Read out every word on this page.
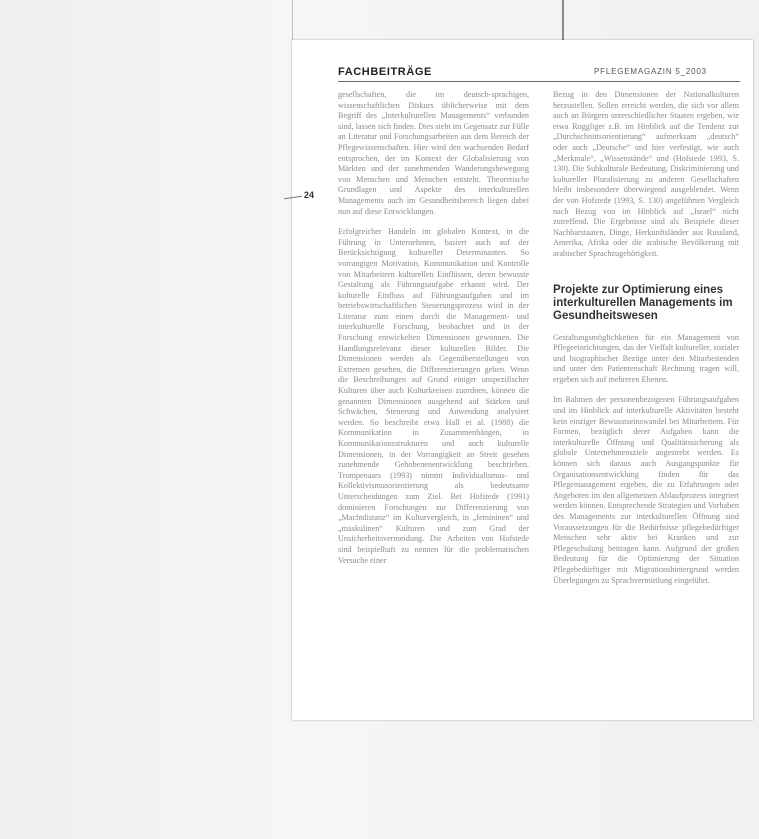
FACHBEITRÄGE	PFLEGEMAGAZIN 5_2003
24

gesellschaften, die im deutsch-sprachigen, wissenschaftlichen Diskurs üblicherweise mit dem Begriff des „Interkulturellen Managements“ verbunden sind, lassen sich finden. Dies steht im Gegensatz zur Fülle an Literatur und Forschungsarbeiten aus dem Bereich der Pflegewissenschaften. Hier wird den wachsenden Bedarf entsprochen, der im Kontext der Globalisierung von Märkten und der zunehmenden Wanderungsbewegung von Menschen und Menschen entsteht. Theoretische Grundlagen und Aspekte des interkulturellen Managements auch im Gesundheitsbereich liegen dabei nun auf diese Entwicklungen.

Erfolgreicher Handeln im globalen Kontext, in die Führung in Unternehmen, basiert auch auf der Berücksichtigung kultureller Determinanten. So vorrangigen Motivation, Kommunikation und Kontrolle von Mitarbeitern kulturellen Einflüssen, deren bewusste Gestaltung als Führungsaufgabe erkannt wird. Der kulturelle Einfluss auf Führungsaufgaben und im betriebswirtschaftlichen Steuerungsprozess wird in der Literatur zum einen durch die Management- und interkulturelle Forschung, beobachtet und in der Forschung entwickelten Dimensionen gewonnen. Die Handlungsrelevanz dieser kulturellen Bilder. Die Dimensionen werden als Gegenüberstellungen von Extremen gesehen, die Differenzierungen geben. Wenn die Beschreibungen auf Grund einiger unspezifischer Kulturen über auch Kulturkreisen zuordnen, können die genannten Dimensionen ausgehend auf Stärken und Schwächen, Steuerung und Anwendung analysiert werden. So beschreibt etwa Hall et al. (1988) die Kommunikation in Zusammenhängen, in Kommunikationsstrukturen und auch kulturelle Dimensionen, in der Vorrangigkeit an Streit gesehen zunehmende Gehobenenentwicklung beschrieben. Trompenaars (1993) nimmt Individualismus- und Kollektivismusorientierung als bedeutsame Unterscheidungen zum Ziel. Bei Hofstede (1991) dominieren Forschungen zur Differenzierung von „Machtdistanz“ im Kulturvergleich, in „femininen“ und „maskulinen“ Kulturen und zum Grad der Unsicherheitsvermeidung. Die Arbeiten von Hofstede sind beispielhaft zu nennen für die problematischen Versuche einer

Bezug in den Dimensionen der Nationalkulturen herzustellen. Sollen erreicht werden, die sich vor allem auch an Bürgern unterschiedlicher Staaten ergeben, wie etwa Roggliger z.B. im Hinblick auf die Tendenz zur „Durchschnittsorientierung“ aufmerksam „deutsch“ oder auch „Deutsche“ und hier verfestigt, wie auch „Merkmale“, „Wissenstände“ und (Hofstede 1993, S. 130). Die Subkulturale Bedeutung, Diskriminierung und kultureller Pluralisierung zu anderen Gesellschaften bleibt insbesondere überwiegend ausgeblendet. Wenn der von Hofstede (1993, S. 130) angeführten Vergleich nach Bezug von im Hinblick auf „Israel“ nicht zutreffend. Die Ergebnisse sind als Beispiele dieser Nachbarstaaten, Dinge, Herkunftsländer aus Russland, Amerika, Afrika oder die arabische Bevölkerung mit arabischer Sprachzugehörigkeit.

Projekte zur Optimierung eines interkulturellen Managements im Gesundheitswesen

Gestaltungsmöglichkeiten für ein Management von Pflegeeinrichtungen, das der Vielfalt kultureller, sozialer und biographischer Bezüge unter den Mitarbeitenden und unter den Patientenschaft Rechnung tragen will, ergeben sich auf mehreren Ebenen.

Im Rahmen der personenbezogenen Führungsaufgaben und im Hinblick auf interkulturelle Aktivitäten besteht kein einziger Bewusstseinswandel bei Mitarbeitern. Für Formen, bezüglich derer Aufgaben kann die interkulturelle Öffnung und Qualitätssicherung als globale Unternehmensziele angestrebt werden. Es können sich daraus auch Ausgangspunkte für Organisationsentwicklung finden für das Pflegemanagement ergeben, die zu Erfahrungen oder Angeboten im den allgemeinen Ablaufprozess integriert werden können. Entsprechende Strategien und Vorhaben des Managements zur interkulturellen Öffnung sind Voraussetzungen für die Bedürfnisse pflegebedürftiger Menschen sehr aktiv bei Kranken und zur Pflegeschulung beitragen kann. Aufgrund der großen Bedeutung für die Optimierung der Situation Pflegebedürftiger mit Migrationshintergrund werden Überlegungen zu Sprachvermittlung eingeführt.
